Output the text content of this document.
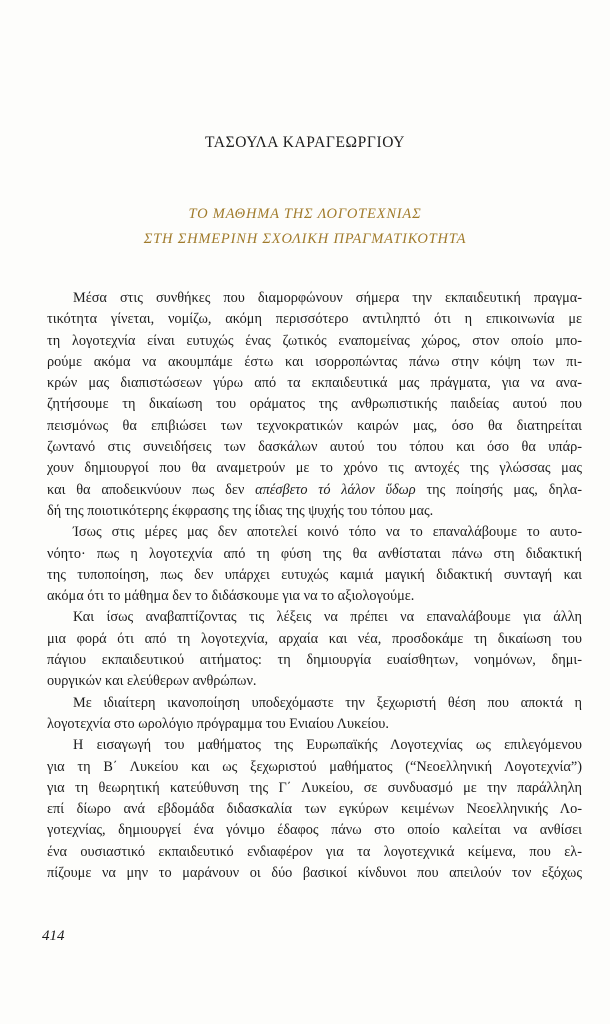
ΤΑΣΟΥΛΑ ΚΑΡΑΓΕΩΡΓΙΟΥ
ΤΟ ΜΑΘΗΜΑ ΤΗΣ ΛΟΓΟΤΕΧΝΙΑΣ
ΣΤΗ ΣΗΜΕΡΙΝΗ ΣΧΟΛΙΚΗ ΠΡΑΓΜΑΤΙΚΟΤΗΤΑ
Μέσα στις συνθήκες που διαμορφώνουν σήμερα την εκπαιδευτική πραγμα-
τικότητα γίνεται, νομίζω, ακόμη περισσότερο αντιληπτό ότι η επικοινωνία με
τη λογοτεχνία είναι ευτυχώς ένας ζωτικός εναπομείνας χώρος, στον οποίο μπο-
ρούμε ακόμα να ακουμπάμε έστω και ισορροπώντας πάνω στην κόψη των πι-
κρών μας διαπιστώσεων γύρω από τα εκπαιδευτικά μας πράγματα, για να ανα-
ζητήσουμε τη δικαίωση του οράματος της ανθρωπιστικής παιδείας αυτού που
πεισμόνως θα επιβιώσει των τεχνοκρατικών καιρών μας, όσο θα διατηρείται
ζωντανό στις συνειδήσεις των δασκάλων αυτού του τόπου και όσο θα υπάρ-
χουν δημιουργοί που θα αναμετρούν με το χρόνο τις αντοχές της γλώσσας μας
και θα αποδεικνύουν πως δεν απέσβετο τό λάλον ὕδωρ της ποίησής μας, δηλα-
δή της ποιοτικότερης έκφρασης της ίδιας της ψυχής του τόπου μας.
Ίσως στις μέρες μας δεν αποτελεί κοινό τόπο να το επαναλάβουμε το αυτο-
νόητο· πως η λογοτεχνία από τη φύση της θα ανθίσταται πάνω στη διδακτική
της τυποποίηση, πως δεν υπάρχει ευτυχώς καμιά μαγική διδακτική συνταγή και
ακόμα ότι το μάθημα δεν το διδάσκουμε για να το αξιολογούμε.
Και ίσως αναβαπτίζοντας τις λέξεις να πρέπει να επαναλάβουμε για άλλη
μια φορά ότι από τη λογοτεχνία, αρχαία και νέα, προσδοκάμε τη δικαίωση του
πάγιου εκπαιδευτικού αιτήματος: τη δημιουργία ευαίσθητων, νοημόνων, δημι-
ουργικών και ελεύθερων ανθρώπων.
Με ιδιαίτερη ικανοποίηση υποδεχόμαστε την ξεχωριστή θέση που αποκτά η
λογοτεχνία στο ωρολόγιο πρόγραμμα του Ενιαίου Λυκείου.
Η εισαγωγή του μαθήματος της Ευρωπαϊκής Λογοτεχνίας ως επιλεγόμενου
για τη Β΄ Λυκείου και ως ξεχωριστού μαθήματος (“Νεοελληνική Λογοτεχνία”)
για τη θεωρητική κατεύθυνση της Γ΄ Λυκείου, σε συνδυασμό με την παράλληλη
επί δίωρο ανά εβδομάδα διδασκαλία των εγκύρων κειμένων Νεοελληνικής Λο-
γοτεχνίας, δημιουργεί ένα γόνιμο έδαφος πάνω στο οποίο καλείται να ανθίσει
ένα ουσιαστικό εκπαιδευτικό ενδιαφέρον για τα λογοτεχνικά κείμενα, που ελ-
πίζουμε να μην το μαράνουν οι δύο βασικοί κίνδυνοι που απειλούν τον εξόχως
414
